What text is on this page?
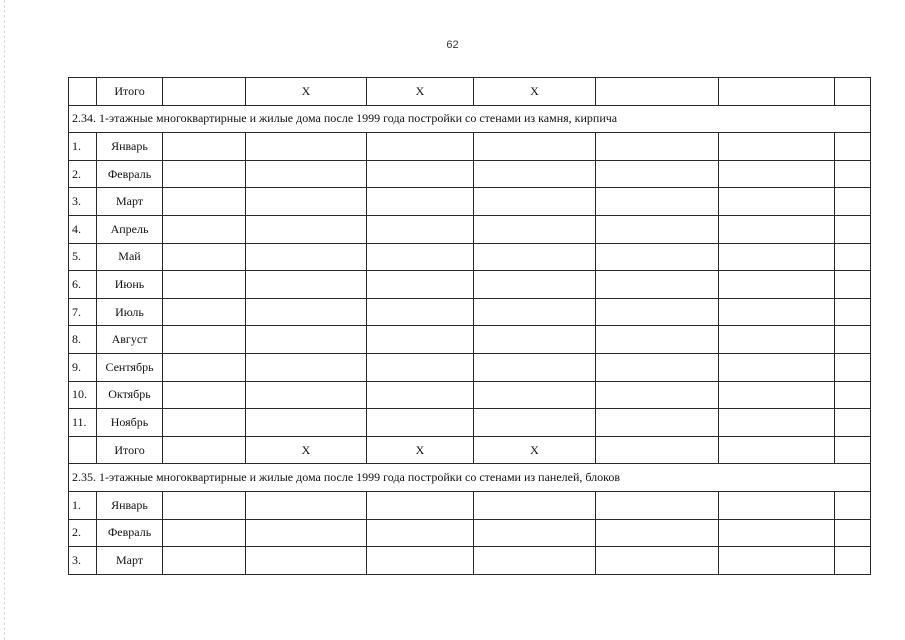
62
	Итого		X	X	X			
2.34. 1-этажные многоквартирные и жилые дома после 1999 года постройки со стенами из камня, кирпича								
1.	Январь							
2.	Февраль							
3.	Март							
4.	Апрель							
5.	Май							
6.	Июнь							
7.	Июль							
8.	Август							
9.	Сентябрь							
10.	Октябрь							
11.	Ноябрь							
	Итого		X	X	X			
2.35. 1-этажные многоквартирные и жилые дома после 1999 года постройки со стенами из панелей, блоков								
1.	Январь							
2.	Февраль							
3.	Март							
